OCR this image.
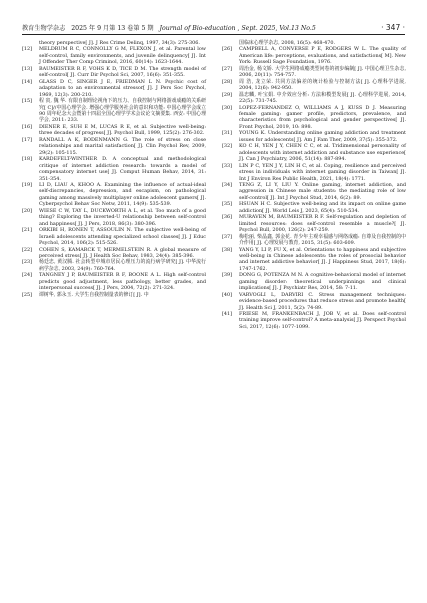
教育生物学杂志 2025 年 9 月第 13 卷第 5 期 Journal of Bio-education , Sept. 2025, Vol.13 No.5	· 347 ·
theory perspective[ J]. J Res Crime Delinq, 1997, 34(3): 275-306.
[12]	MELDRUM R C, CONNOLLY G M, FLEXON J, et al. Parental low self-control, family environments, and juvenile delinquency[ J]. Int J Offender Ther Comp Criminol, 2016, 60(14): 1623-1644.
[13]	BAUMEISTER R F, VOHS K D, TICE D M. The strength model of self-control[ J]. Curr Dir Psychol Sci, 2007, 16(6): 351-355.
[14]	GLASS D C, SINGER J E, FRIEDMAN L N. Psychic cost of adaptation to an environmental stressor[ J]. J Pers Soc Psychol, 1969, 12(3): 200-210.
[15]	程 寅, 魏 华. 有限自制理论视角下的压力、自我控制与网络游戏成瘾的关系研究[ C]//中国心理学会. 增强心理学服务社会的意识和功能: 中国心理学会成立 90 周年纪念大会暨第十四届全国心理学学术会议论文摘要集. 西安: 中国心理学会, 2011: 233.
[16]	DIENER E, SUH E M, LUCAS R E, et al. Subjective well-being: three decades of progress[ J]. Psychol Bull, 1999, 125(2): 276-302.
[17]	RANDALL A K, BODENMANN G. The role of stress on close relationships and marital satisfaction[ J]. Clin Psychol Rev, 2009, 29(2): 105-115.
[18]	KARDEFELT-WINTHER D. A conceptual and methodological critique of internet addiction research: towards a model of compensatory internet use[ J]. Comput Human Behav, 2014, 31: 351-354.
[19]	LI D, LIAU A, KHOO A. Examining the influence of actual-ideal self-discrepancies, depression, and escapism, on pathological gaming among massively multiplayer online adolescent gamers[ J]. Cyberpsychol Behav Soc Netw, 2011, 14(9): 535-539.
[20]	WIESE C W, TAY L, DUCKWORTH A L, et al. Too much of a good thing? Exploring the inverted-U relationship between self-control and happiness[ J]. J Pers, 2018, 86(3): 380-396.
[21]	ORKIBI H, RONEN T, ASSOULIN N. The subjective well-being of Israeli adolescents attending specialized school classes[ J]. J Educ Psychol, 2014, 106(2): 515-526.
[22]	COHEN S, KAMARCK T, MERMELSTEIN R. A global measure of perceived stress[ J]. J Health Soc Behav, 1983, 24(4): 385-396.
[23]	杨廷忠, 黄汉腾. 社会转型中城市居民心理压力的流行病学研究[ J]. 中华流行病学杂志, 2003, 24(9): 760-764.
[24]	TANGNEY J P, BAUMEISTER R F, BOONE A L. High self-control predicts good adjustment, less pathology, better grades, and interpersonal success[ J]. J Pers, 2004, 72(2): 271-324.
[25]	谭树华, 郭永玉. 大学生自我控制量表的修订[ J]. 中
国临床心理学杂志, 2008, 16(5): 468-470.
[26]	CAMPBELL A, CONVERSE P E, RODGERS W L. The quality of American life: perceptions, evaluations, and satisfactions[ M]. New York: Russell Sage Foundation, 1976.
[27]	周治金, 杨文娇. 大学生网络成瘾类型问卷的初步编制[ J]. 中国心理卫生杂志, 2006, 20(11): 754-757.
[28]	周 浩, 龙立荣. 共同方法偏差的统计检验与控制方法[ J]. 心理科学进展, 2004, 12(6): 942-950.
[29]	温忠麟, 叶宝娟. 中介效应分析: 方法和模型发展[ J]. 心理科学进展, 2014, 22(5): 731-745.
[30]	LOPEZ-FERNANDEZ O, WILLIAMS A J, KUSS D J. Measuring female gaming: gamer profile, predictors, prevalence, and characteristics from psychological and gender perspectives[ J]. Front Psychol, 2019, 10: 898.
[31]	YOUNG K. Understanding online gaming addiction and treatment issues for adolescents[ J]. Am J Fam Ther, 2009, 37(5): 355-372.
[32]	KO C H, YEN J Y, CHEN C C, et al. Tridimensional personality of adolescents with internet addiction and substance use experience[ J]. Can J Psychiatry, 2006, 51(14): 887-894.
[33]	LIN P C, YEN J Y, LIN H C, et al. Coping, resilience and perceived stress in individuals with internet gaming disorder in Taiwan[ J]. Int J Environ Res Public Health, 2021, 18(4): 1771.
[34]	TENG Z, LI Y, LIU Y. Online gaming, internet addiction, and aggression in Chinese male students: the mediating role of low self-control[ J]. Int J Psychol Stud, 2014, 6(2): 89.
[35]	HSUAN H C. Subjective well-being and its impact on online game addiction[ J]. World Leis J, 2023, 65(4): 510-534.
[36]	MURAVEN M, BAUMEISTER R F. Self-regulation and depletion of limited resources: does self-control resemble a muscle?[ J]. Psychol Bull, 2000, 126(2): 247-259.
[37]	梅松丽, 柴晶鑫, 郭金花. 青少年主观幸福感与网络成瘾: 自尊及自我控制的中介作用[ J]. 心理发展与教育, 2015, 31(5): 603-609.
[38]	YANG Y, LI P, FU X, et al. Orientations to happiness and subjective well-being in Chinese adolescents: the roles of prosocial behavior and internet addictive behavior[ J]. J Happiness Stud, 2017, 18(6): 1747-1762.
[39]	DONG G, POTENZA M N. A cognitive-behavioral model of internet gaming disorder: theoretical underpinnings and clinical implications[ J]. J Psychiatr Res, 2014, 58: 7-11.
[40]	VARVOGLI L, DARVIRI C. Stress management techniques: evidence-based procedures that reduce stress and promote health[ J]. Health Sci J, 2011, 5(2): 74-89.
[41]	FRIESE M, FRANKENBACH J, JOB V, et al. Does self-control training improve self-control? A meta-analysis[ J]. Perspect Psychol Sci, 2017, 12(6): 1077-1099.
